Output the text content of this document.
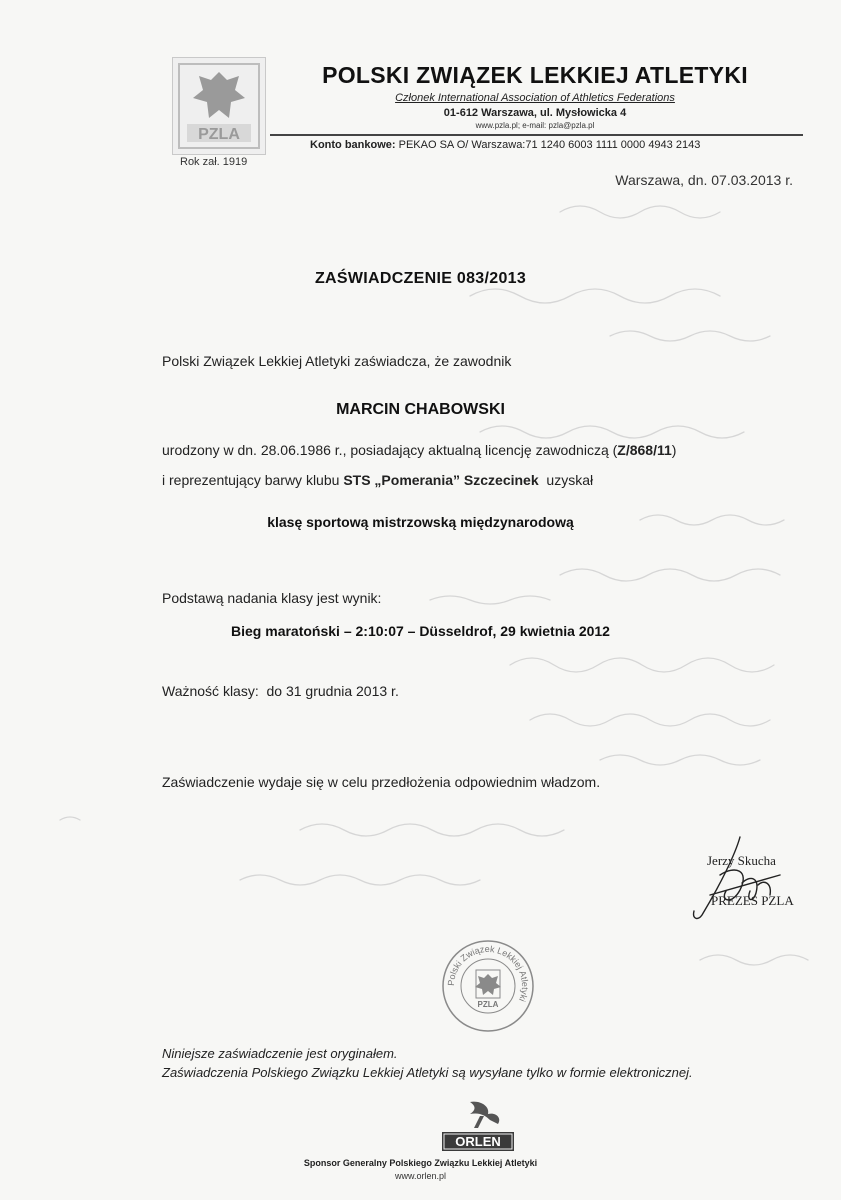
PZLA
Rok zał. 1919
POLSKI ZWIĄZEK LEKKIEJ ATLETYKI
Członek International Association of Athletics Federations
01-612 Warszawa, ul. Mysłowicka 4
www.pzla.pl; e-mail: pzla@pzla.pl
Konto bankowe: PEKAO SA O/ Warszawa:71 1240 6003 1111 0000 4943 2143
Warszawa, dn. 07.03.2013 r.
ZAŚWIADCZENIE 083/2013
Polski Związek Lekkiej Atletyki zaświadcza, że zawodnik
MARCIN CHABOWSKI
urodzony w dn. 28.06.1986 r., posiadający aktualną licencję zawodniczą (Z/868/11)
i reprezentujący barwy klubu STS „Pomerania” Szczecinek  uzyskał
klasę sportową mistrzowską międzynarodową
Podstawą nadania klasy jest wynik:
Bieg maratoński – 2:10:07 – Düsseldrof, 29 kwietnia 2012
Ważność klasy:  do 31 grudnia 2013 r.
Zaświadczenie wydaje się w celu przedłożenia odpowiednim władzom.
Jerzy Skucha
PREZES PZLA
Polski Związek Lekkiej Atletyki
PZLA
Niniejsze zaświadczenie jest oryginałem.
Zaświadczenia Polskiego Związku Lekkiej Atletyki są wysyłane tylko w formie elektronicznej.
ORLEN
Sponsor Generalny Polskiego Związku Lekkiej Atletyki
www.orlen.pl
